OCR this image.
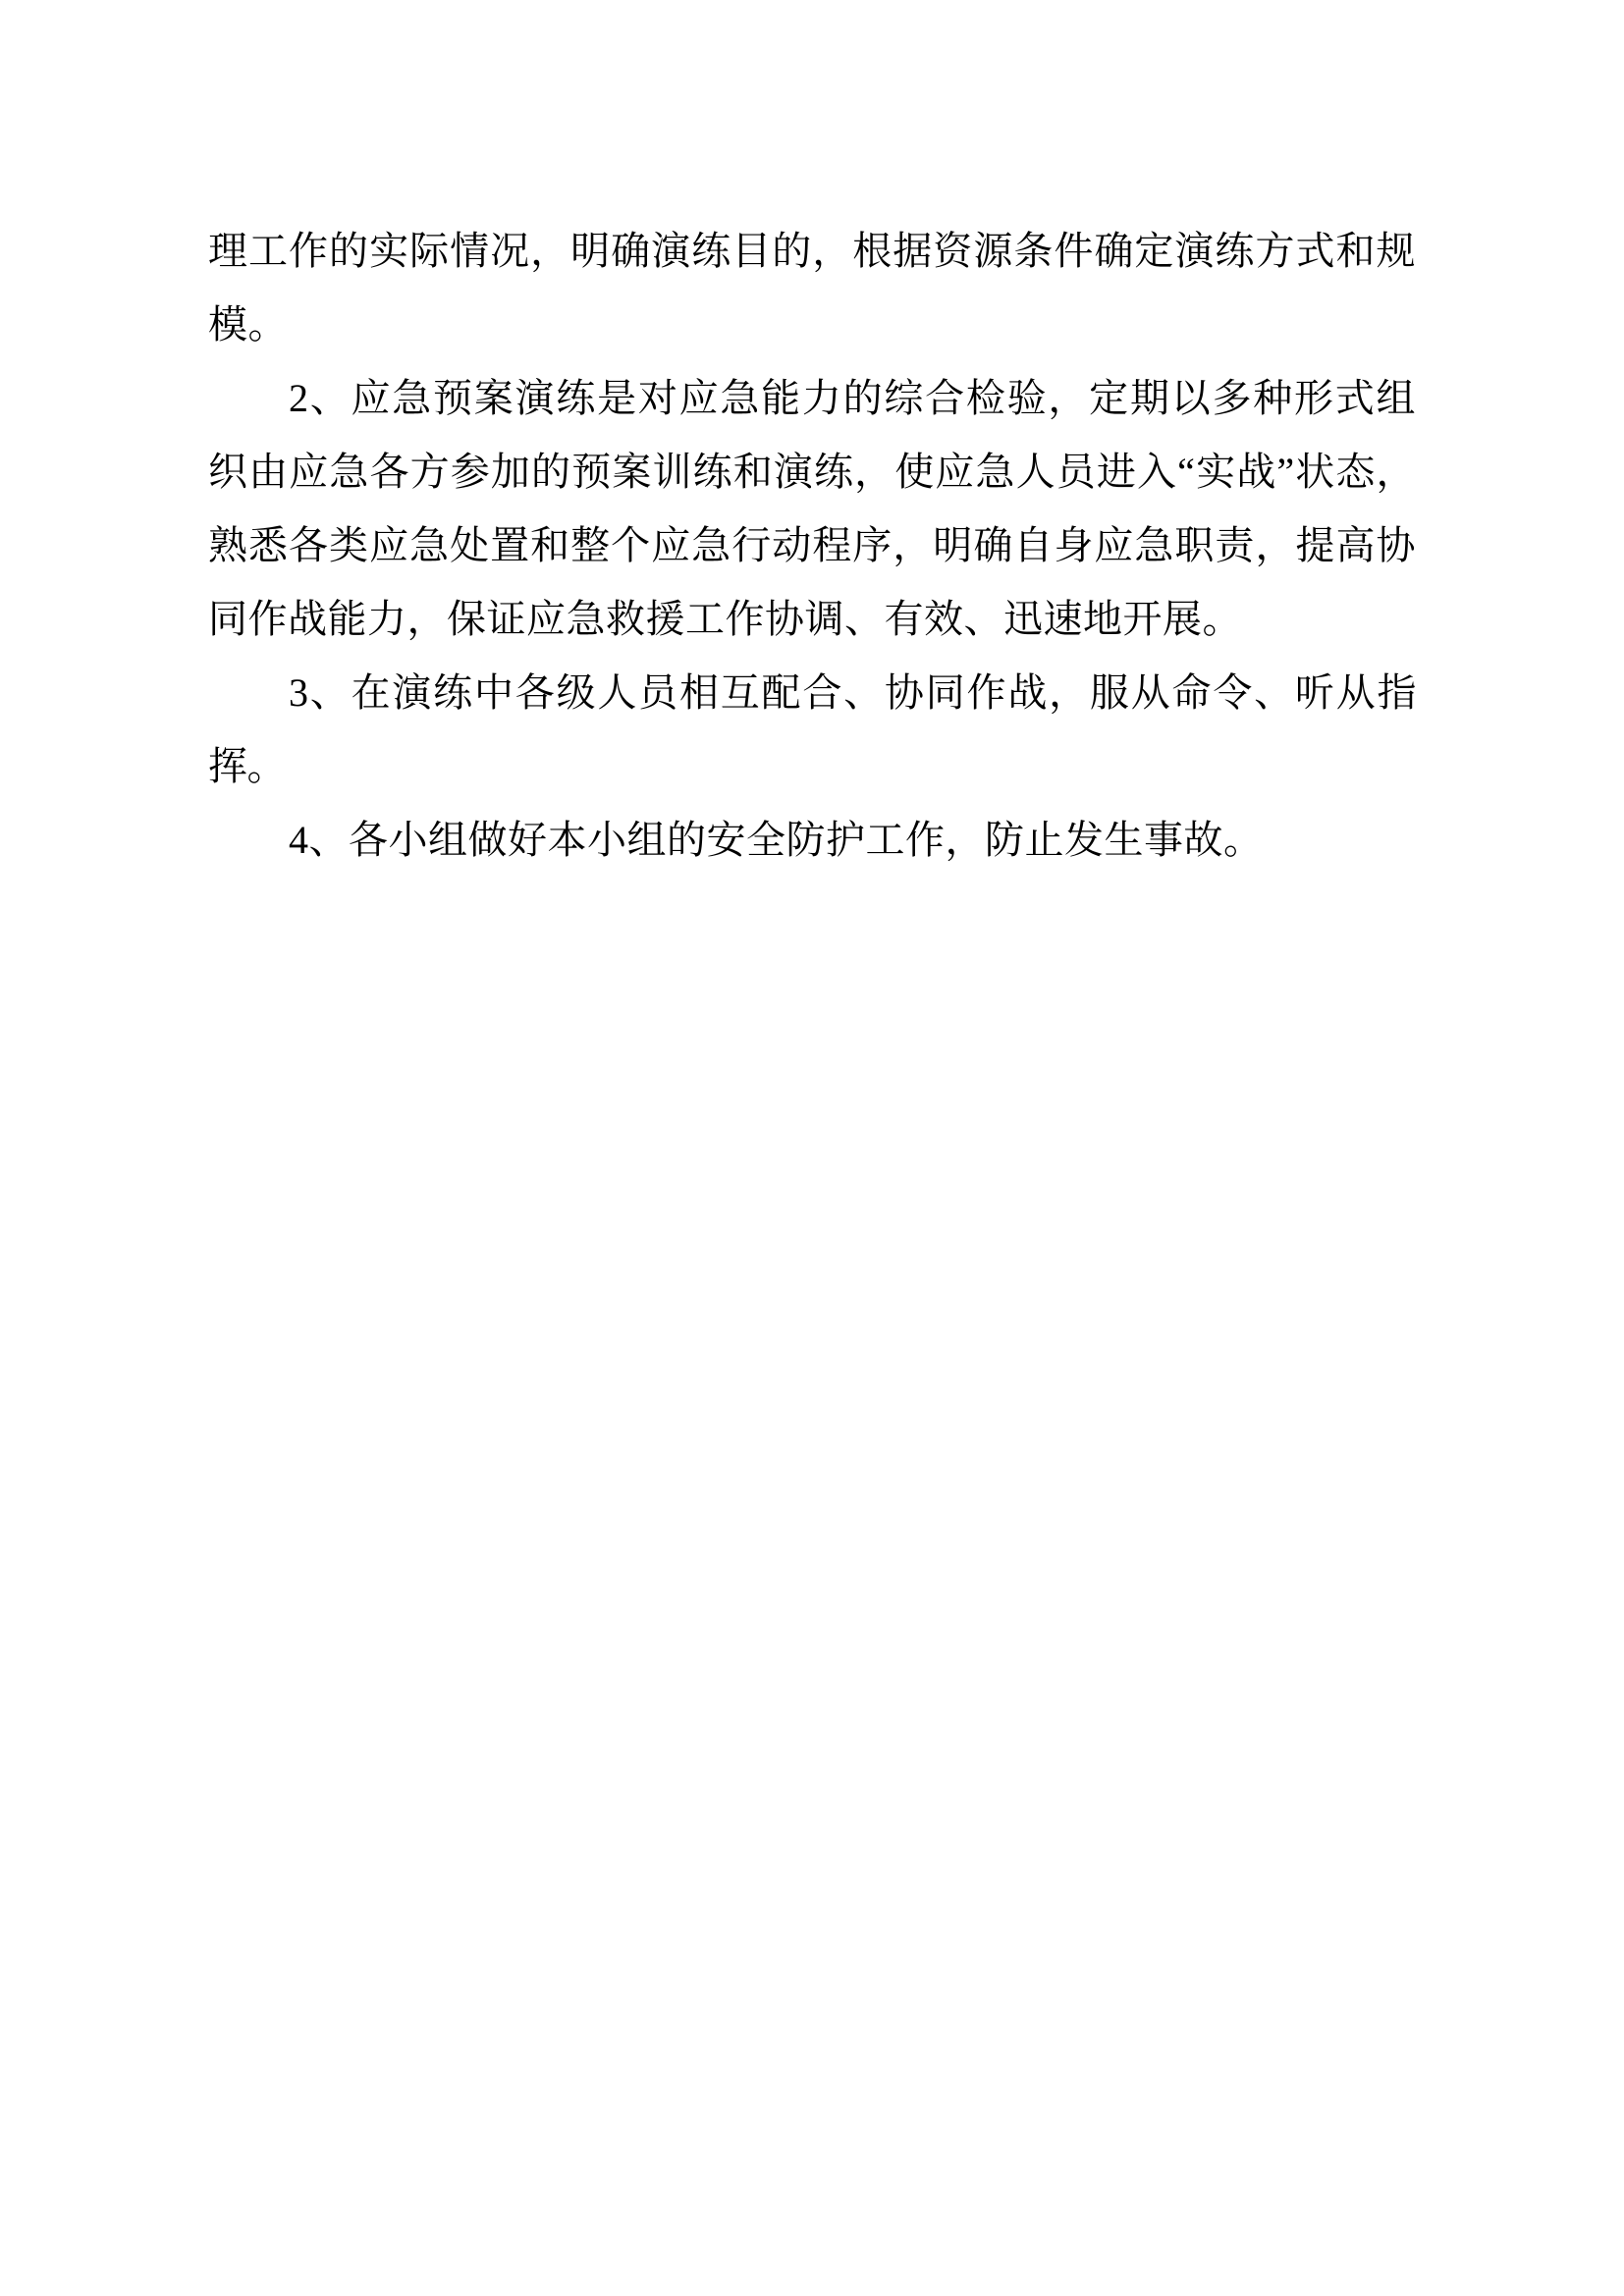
理工作的实际情况，明确演练目的，根据资源条件确定演练方式和规模。

2、应急预案演练是对应急能力的综合检验，定期以多种形式组织由应急各方参加的预案训练和演练，使应急人员进入“实战”状态，熟悉各类应急处置和整个应急行动程序，明确自身应急职责，提高协同作战能力，保证应急救援工作协调、有效、迅速地开展。

3、在演练中各级人员相互配合、协同作战，服从命令、听从指挥。

4、各小组做好本小组的安全防护工作，防止发生事故。
